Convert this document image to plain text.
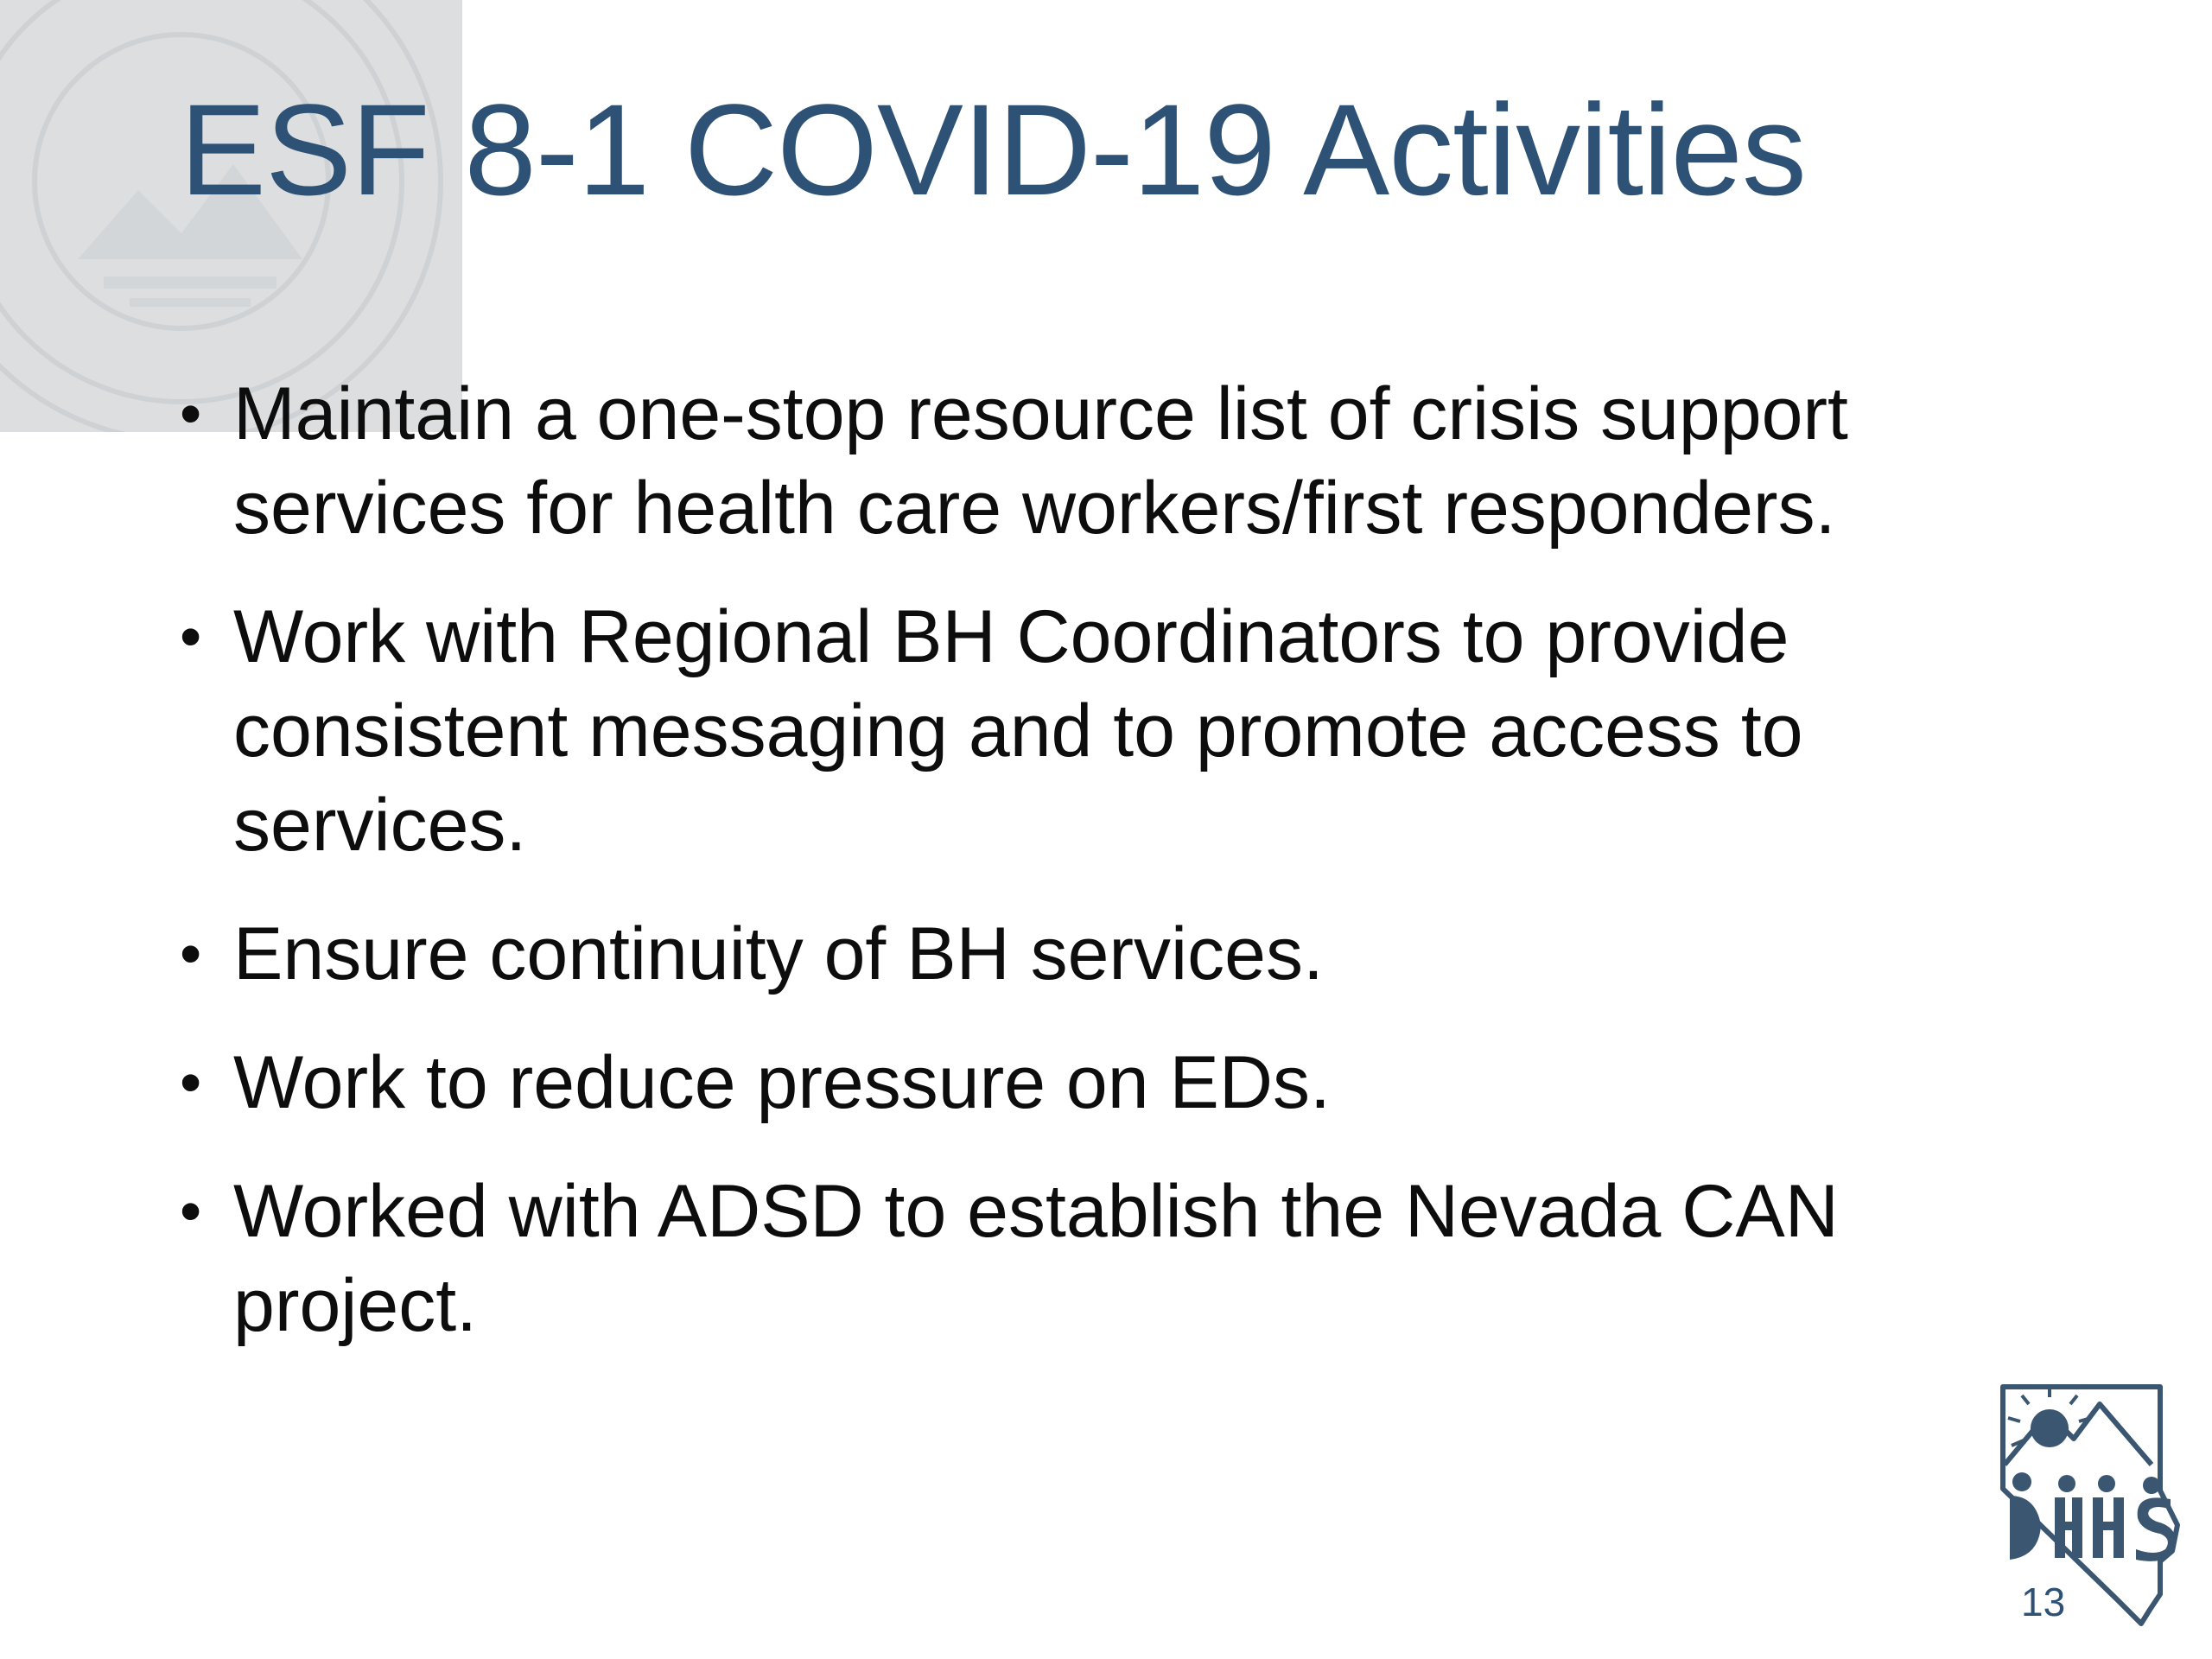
ESF 8-1 COVID-19 Activities
• Maintain a one-stop resource list of crisis support services for health care workers/first responders.
• Work with Regional BH Coordinators to provide consistent messaging and to promote access to services.
• Ensure continuity of BH services.
• Work to reduce pressure on EDs.
• Worked with ADSD to establish the Nevada CAN project.
13
